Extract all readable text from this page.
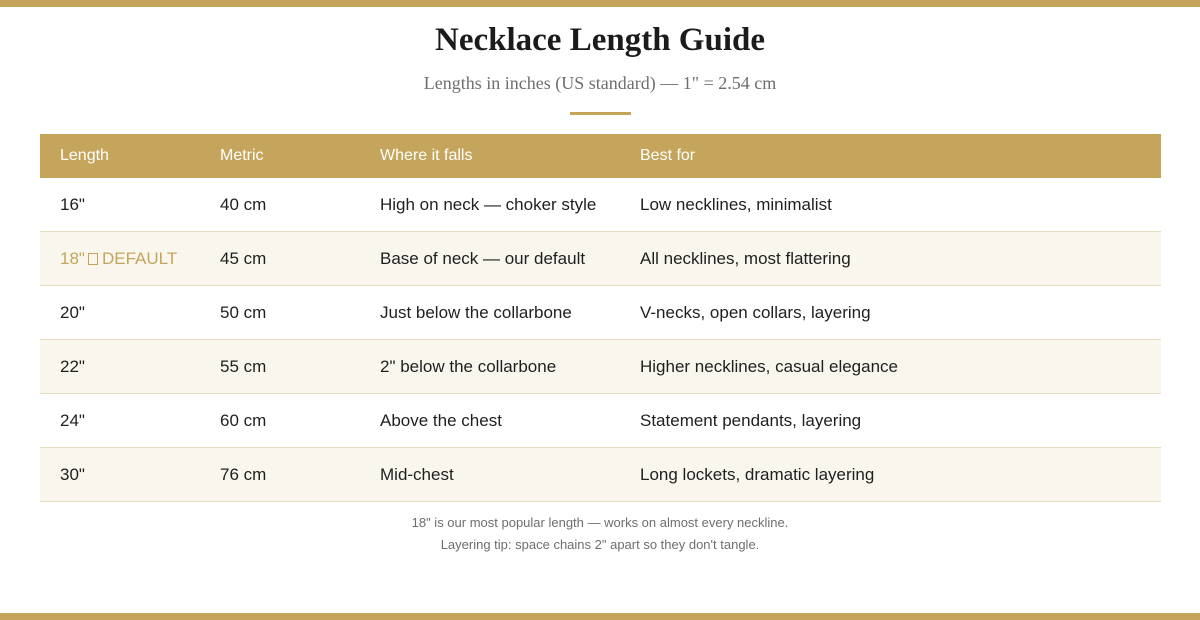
Necklace Length Guide
Lengths in inches (US standard) — 1" = 2.54 cm
Length	Metric	Where it falls	Best for
16"	40 cm	High on neck — choker style	Low necklines, minimalist
18" DEFAULT	45 cm	Base of neck — our default	All necklines, most flattering
20"	50 cm	Just below the collarbone	V-necks, open collars, layering
22"	55 cm	2" below the collarbone	Higher necklines, casual elegance
24"	60 cm	Above the chest	Statement pendants, layering
30"	76 cm	Mid-chest	Long lockets, dramatic layering
18" is our most popular length — works on almost every neckline.
Layering tip: space chains 2" apart so they don't tangle.
